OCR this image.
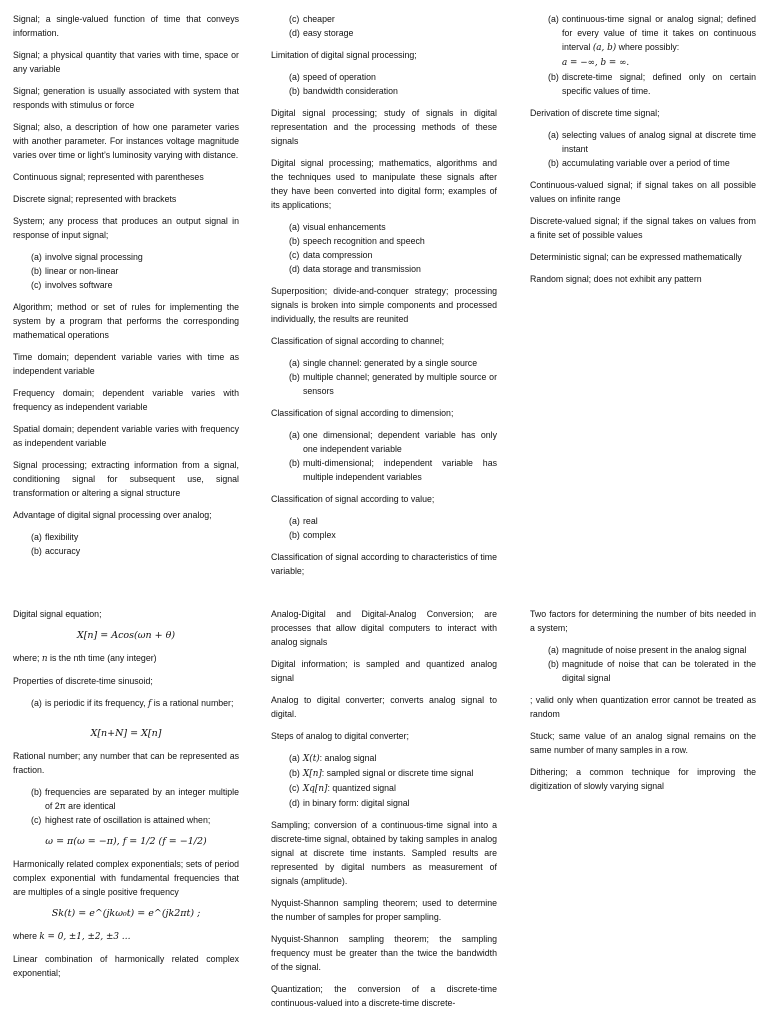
Signal; a single-valued function of time that conveys information.

Signal; a physical quantity that varies with time, space or any variable

Signal; generation is usually associated with system that responds with stimulus or force

Signal; also, a description of how one parameter varies with another parameter. For instances voltage magnitude varies over time or light’s luminosity varying with distance.

Continuous signal; represented with parentheses

Discrete signal; represented with brackets

System; any process that produces an output signal in response of input signal;

( a ) involve signal processing
( b ) linear or non-linear
( c ) involves software

Algorithm; method or set of rules for implementing the system by a program that performs the corresponding mathematical operations

Time domain; dependent variable varies with time as independent variable

Frequency domain; dependent variable varies with frequency as independent variable

Spatial domain; dependent variable varies with frequency as independent variable

Signal processing; extracting information from a signal, conditioning signal for subsequent use, signal transformation or altering a signal structure

Advantage of digital signal processing over analog;

( a ) flexibility
( b ) accuracy
( c ) cheaper
( d ) easy storage

Limitation of digital signal processing;

( a ) speed of operation
( b ) bandwidth consideration

Digital signal processing; study of signals in digital representation and the processing methods of these signals

Digital signal processing; mathematics, algorithms and the techniques used to manipulate these signals after they have been converted into digital form; examples of its applications;

( a ) visual enhancements
( b ) speech recognition and speech
( c ) data compression
( d ) data storage and transmission

Superposition; divide-and-conquer strategy; processing signals is broken into simple components and processed individually, the results are reunited

Classification of signal according to channel;

( a ) single channel: generated by a single source
( b ) multiple channel; generated by multiple source or sensors

Classification of signal according to dimension;

( a ) one dimensional; dependent variable has only one independent variable
( b ) multi-dimensional; independent variable has multiple independent variables

Classification of signal according to value;

( a ) real
( b ) complex

Classification of signal according to characteristics of time variable;

( a ) continuous-time signal or analog signal; defined for every value of time it takes on continuous interval (a, b) where possibly:
a = −∞, b = ∞.
( b ) discrete-time signal; defined only on certain specific values of time.

Derivation of discrete time signal;

( a ) selecting values of analog signal at discrete time instant
( b ) accumulating variable over a period of time

Continuous-valued signal; if signal takes on all possible values on infinite range

Discrete-valued signal; if the signal takes on values from a finite set of possible values

Deterministic signal; can be expressed mathematically

Random signal; does not exhibit any pattern

Digital signal equation;

X[n] = Acos(ωn + θ)

where; n is the nth time (any integer)

Properties of discrete-time sinusoid;

( a ) is periodic if its frequency, f is a rational number;
X[n+N] = X[n]

Rational number; any number that can be represented as fraction.

( b ) frequencies are separated by an integer multiple of 2π are identical
( c ) highest rate of oscillation is attained when;
ω = π(ω = −π), f = 1/2 (f = −1/2)

Harmonically related complex exponentials; sets of period complex exponential with fundamental frequencies that are multiples of a single positive frequency

Sk(t) = e^(jkω₀t) = e^(jk2πt) ;

where k = 0, ±1, ±2, ±3 …

Linear combination of harmonically related complex exponential;

Analog-Digital and Digital-Analog Conversion; are processes that allow digital computers to interact with analog signals

Digital information; is sampled and quantized analog signal

Analog to digital converter; converts analog signal to digital.

Steps of analog to digital converter;

( a ) X(t): analog signal
( b ) X[n]: sampled signal or discrete time signal
( c ) Xq[n]: quantized signal
( d ) in binary form: digital signal

Sampling; conversion of a continuous-time signal into a discrete-time signal, obtained by taking samples in analog signal at discrete time instants. Sampled results are represented by digital numbers as measurement of signals (amplitude).

Nyquist-Shannon sampling theorem; used to determine the number of samples for proper sampling.

Nyquist-Shannon sampling theorem; the sampling frequency must be greater than the twice the bandwidth of the signal.

Quantization; the conversion of a discrete-time continuous-valued into a discrete-time discrete-

Two factors for determining the number of bits needed in a system;

( a ) magnitude of noise present in the analog signal
( b ) magnitude of noise that can be tolerated in the digital signal

; valid only when quantization error cannot be treated as random

Stuck; same value of an analog signal remains on the same number of many samples in a row.

Dithering; a common technique for improving the digitization of slowly varying signal
